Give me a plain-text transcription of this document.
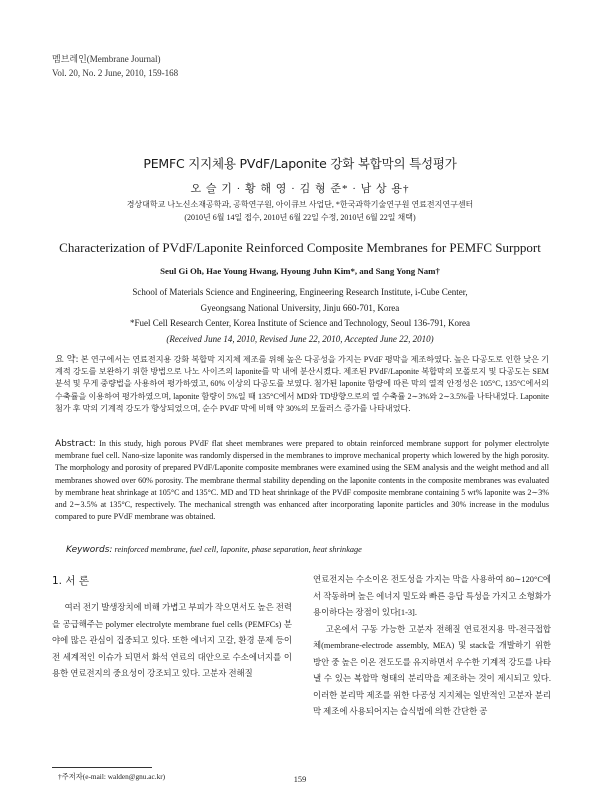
멤브레인(Membrane Journal)
Vol. 20, No. 2 June, 2010, 159-168
PEMFC 지지체용 PVdF/Laponite 강화 복합막의 특성평가
오 슬 기 · 황 해 영 · 김 형 준* · 남 상 용†
경상대학교 나노신소재공학과, 공학연구원, 아이큐브 사업단, *한국과학기술연구원 연료전지연구센터
(2010년 6월 14일 접수, 2010년 6월 22일 수정, 2010년 6월 22일 채택)
Characterization of PVdF/Laponite Reinforced Composite Membranes for PEMFC Surpport
Seul Gi Oh, Hae Young Hwang, Hyoung Juhn Kim*, and Sang Yong Nam†
School of Materials Science and Engineering, Engineering Research Institute, i-Cube Center,
Gyeongsang National University, Jinju 660-701, Korea
*Fuel Cell Research Center, Korea Institute of Science and Technology, Seoul 136-791, Korea
(Received June 14, 2010, Revised June 22, 2010, Accepted June 22, 2010)
요 약: 본 연구에서는 연료전지용 강화 복합막 지지체 제조를 위해 높은 다공성을 가지는 PVdF 평막을 제조하였다. 높은 다공도로 인한 낮은 기계적 강도를 보완하기 위한 방법으로 나노 사이즈의 laponite를 막 내에 분산시켰다. 제조된 PVdF/Laponite 복합막의 모폴로지 및 다공도는 SEM 분석 및 무게 중량법을 사용하여 평가하였고, 60% 이상의 다공도를 보였다. 첨가된 laponite 함량에 따른 막의 열적 안정성은 105°C, 135°C에서의 수축률을 이용하여 평가하였으며, laponite 함량이 5%일 때 135°C에서 MD와 TD방향으로의 열 수축률 2∼3%와 2∼3.5%를 나타내었다. Laponite 첨가 후 막의 기계적 강도가 향상되었으며, 순수 PVdF 막에 비해 약 30%의 모듈러스 증가를 나타내었다.
Abstract: In this study, high porous PVdF flat sheet membranes were prepared to obtain reinforced membrane support for polymer electrolyte membrane fuel cell. Nano-size laponite was randomly dispersed in the membranes to improve mechanical property which lowered by the high porosity. The morphology and porosity of prepared PVdF/Laponite composite membranes were examined using the SEM analysis and the weight method and all membranes showed over 60% porosity. The membrane thermal stability depending on the laponite contents in the composite membranes was evaluated by membrane heat shrinkage at 105°C and 135°C. MD and TD heat shrinkage of the PVdF composite membrane containing 5 wt% laponite was 2∼3% and 2∼3.5% at 135°C, respectively. The mechanical strength was enhanced after incorporating laponite particles and 30% increase in the modulus compared to pure PVdF membrane was obtained.
Keywords: reinforced membrane, fuel cell, laponite, phase separation, heat shrinkage
1. 서 론

여러 전기 발생장치에 비해 가볍고 부피가 작으면서도 높은 전력을 공급해주는 polymer electrolyte membrane fuel cells (PEMFCs) 분야에 많은 관심이 집중되고 있다. 또한 에너지 고갈, 환경 문제 등이 전 세계적인 이슈가 되면서 화석 연료의 대안으로 수소에너지를 이용한 연료전지의 중요성이 강조되고 있다. 고분자 전해질

연료전지는 수소이온 전도성을 가지는 막을 사용하여 80∼120°C에서 작동하며 높은 에너지 밀도와 빠른 응답 특성을 가지고 소형화가 용이하다는 장점이 있다[1-3].

고온에서 구동 가능한 고분자 전해질 연료전지용 막-전극접합체(membrane-electrode assembly, MEA) 및 stack을 개발하기 위한 방안 중 높은 이온 전도도를 유지하면서 우수한 기계적 강도를 나타낼 수 있는 복합막 형태의 분리막을 제조하는 것이 제시되고 있다. 이러한 분리막 제조를 위한 다공성 지지체는 일반적인 고분자 분리막 제조에 사용되어지는 습식법에 의한 간단한 공

†주저자(e-mail: walden@gnu.ac.kr)	159
